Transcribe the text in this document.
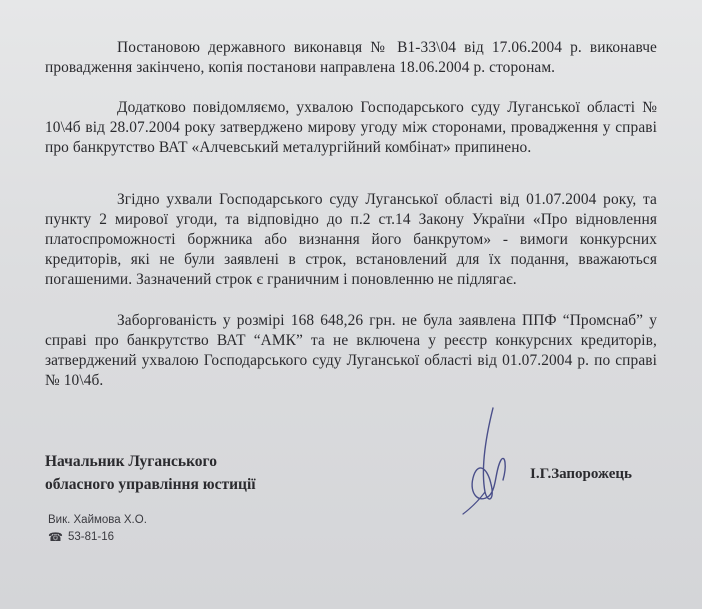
Постановою державного виконавця № В1-33\04 від 17.06.2004 р. виконавче провадження закінчено, копія постанови направлена 18.06.2004 р. сторонам.

Додатково повідомляємо, ухвалою Господарського суду Луганської області № 10\4б від 28.07.2004 року затверджено мирову угоду між сторонами, провадження у справі про банкрутство ВАТ «Алчевський металургійний комбінат» припинено.

Згідно ухвали Господарського суду Луганської області від 01.07.2004 року, та пункту 2 мирової угоди, та відповідно до п.2 ст.14 Закону України «Про відновлення платоспроможності боржника або визнання його банкрутом» - вимоги конкурсних кредиторів, які не були заявлені в строк, встановлений для їх подання, вважаються погашеними. Зазначений строк є граничним і поновленню не підлягає.

Заборгованість у розмірі 168 648,26 грн. не була заявлена ППФ “Промснаб” у справі про банкрутство ВАТ “АМК” та не включена у реєстр конкурсних кредиторів, затверджений ухвалою Господарського суду Луганської області від 01.07.2004 р. по справі № 10\4б.

Начальник Луганського
обласного управління юстиції
І.Г.Запорожець
Вик. Хаймова Х.О.
☎ 53-81-16
